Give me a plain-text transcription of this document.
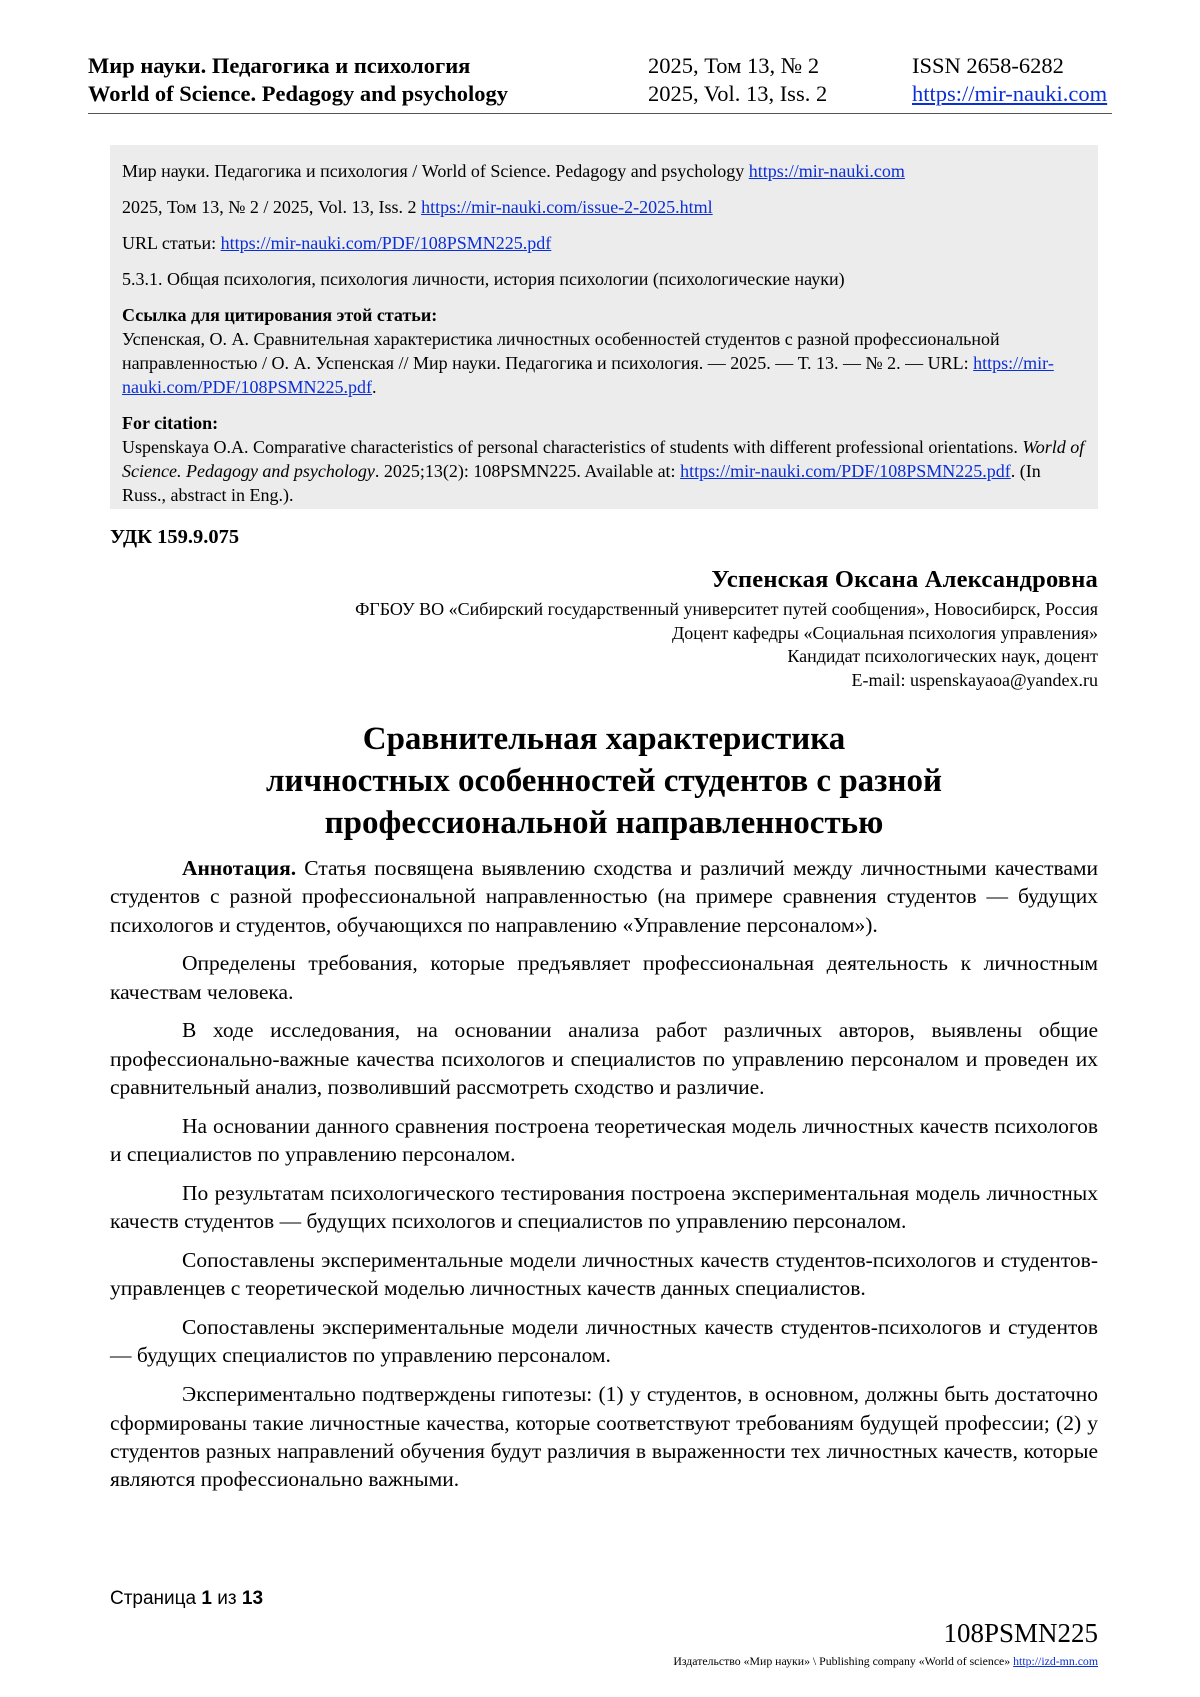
Мир науки. Педагогика и психология
World of Science. Pedagogy and psychology
2025, Том 13, № 2
2025, Vol. 13, Iss. 2
ISSN 2658-6282
https://mir-nauki.com

Мир науки. Педагогика и психология / World of Science. Pedagogy and psychology https://mir-nauki.com

2025, Том 13, № 2 / 2025, Vol. 13, Iss. 2 https://mir-nauki.com/issue-2-2025.html

URL статьи: https://mir-nauki.com/PDF/108PSMN225.pdf

5.3.1. Общая психология, психология личности, история психологии (психологические науки)

Ссылка для цитирования этой статьи:

Успенская, О. А. Сравнительная характеристика личностных особенностей студентов с разной профессиональной направленностью / О. А. Успенская // Мир науки. Педагогика и психология. — 2025. — Т. 13. — № 2. — URL: https://mir-nauki.com/PDF/108PSMN225.pdf.

For citation:

Uspenskaya O.A. Comparative characteristics of personal characteristics of students with different professional orientations. World of Science. Pedagogy and psychology. 2025;13(2): 108PSMN225. Available at: https://mir-nauki.com/PDF/108PSMN225.pdf. (In Russ., abstract in Eng.).

УДК 159.9.075
Успенская Оксана Александровна
ФГБОУ ВО «Сибирский государственный университет путей сообщения», Новосибирск, Россия
Доцент кафедры «Социальная психология управления»
Кандидат психологических наук, доцент
E-mail: uspenskayaoa@yandex.ru
Сравнительная характеристика
личностных особенностей студентов с разной
профессиональной направленностью

Аннотация. Статья посвящена выявлению сходства и различий между личностными качествами студентов с разной профессиональной направленностью (на примере сравнения студентов — будущих психологов и студентов, обучающихся по направлению «Управление персоналом»).

Определены требования, которые предъявляет профессиональная деятельность к личностным качествам человека.

В ходе исследования, на основании анализа работ различных авторов, выявлены общие профессионально-важные качества психологов и специалистов по управлению персоналом и проведен их сравнительный анализ, позволивший рассмотреть сходство и различие.

На основании данного сравнения построена теоретическая модель личностных качеств психологов и специалистов по управлению персоналом.

По результатам психологического тестирования построена экспериментальная модель личностных качеств студентов — будущих психологов и специалистов по управлению персоналом.

Сопоставлены экспериментальные модели личностных качеств студентов-психологов и студентов-управленцев с теоретической моделью личностных качеств данных специалистов.

Сопоставлены экспериментальные модели личностных качеств студентов-психологов и студентов — будущих специалистов по управлению персоналом.

Экспериментально подтверждены гипотезы: (1) у студентов, в основном, должны быть достаточно сформированы такие личностные качества, которые соответствуют требованиям будущей профессии; (2) у студентов разных направлений обучения будут различия в выраженности тех личностных качеств, которые являются профессионально важными.

Страница 1 из 13
108PSMN225
Издательство «Мир науки» \ Publishing company «World of science» http://izd-mn.com
